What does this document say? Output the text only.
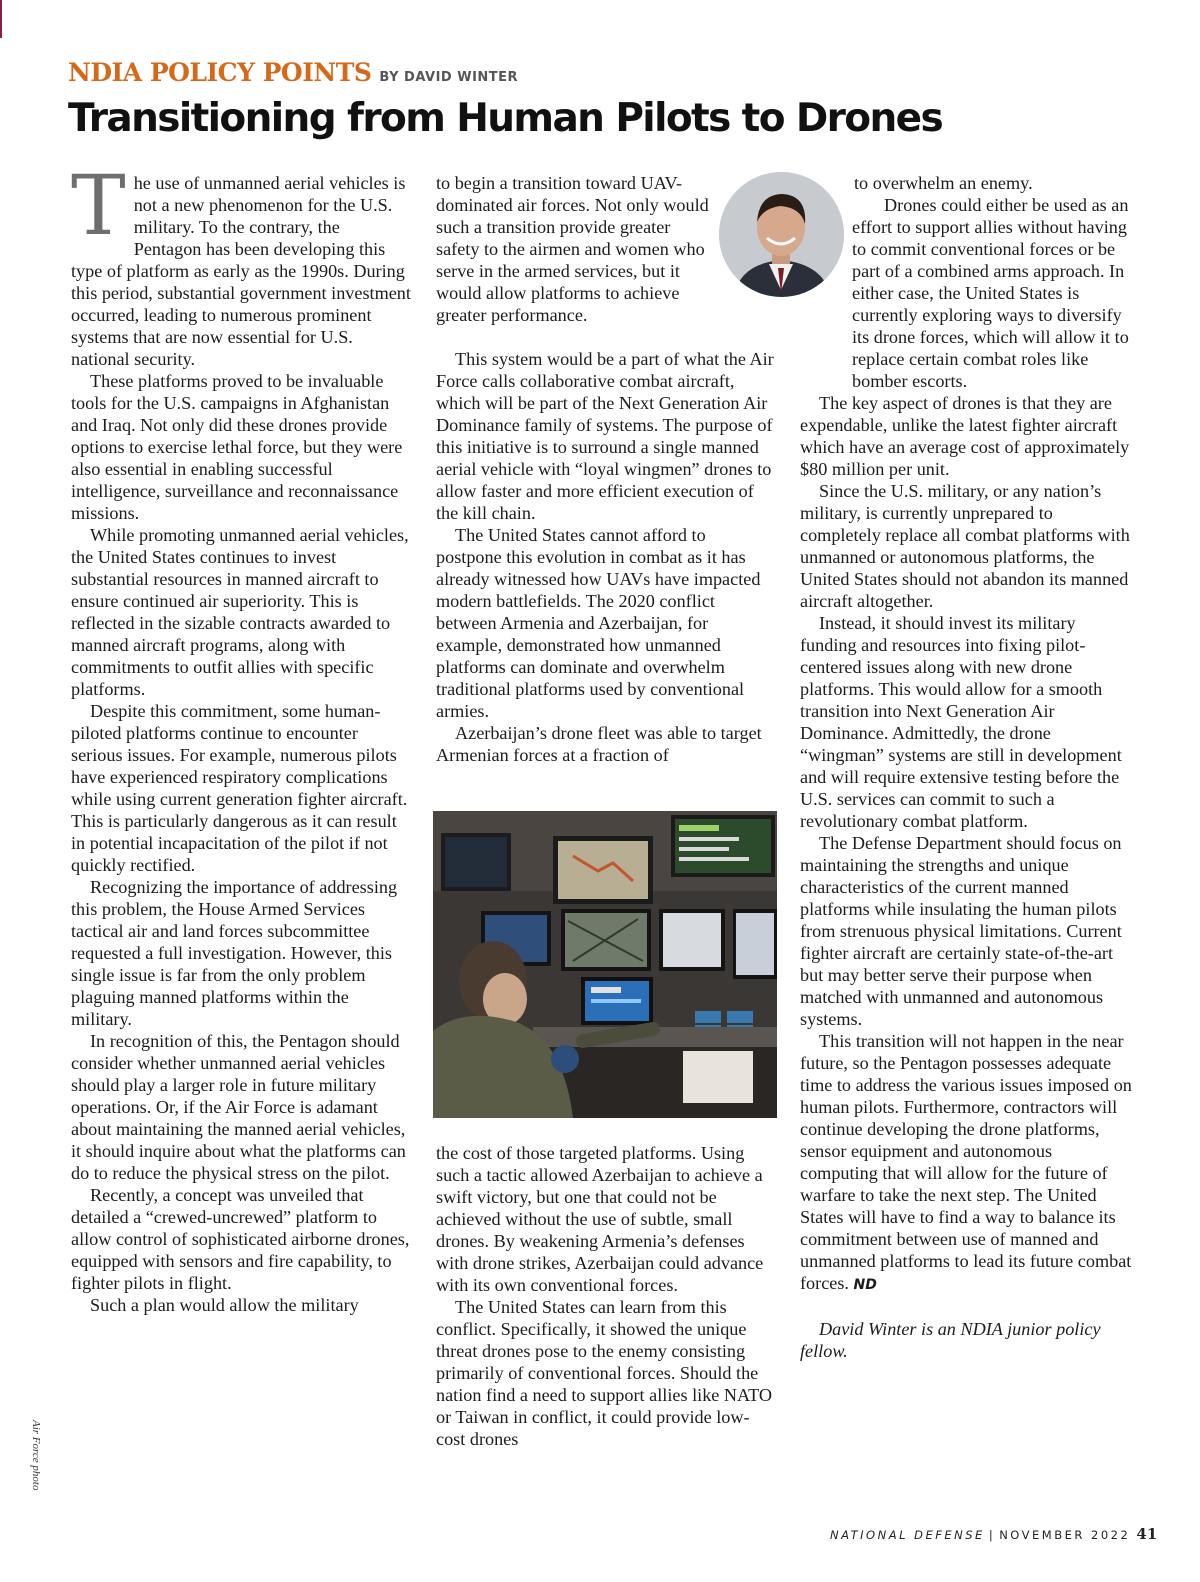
NDIA POLICY POINTS BY DAVID WINTER
Transitioning from Human Pilots to Drones
Air Force photo

The use of unmanned aerial vehicles is not a new phenomenon for the U.S. military. To the contrary, the Pentagon has been developing this type of platform as early as the 1990s. During this period, substantial government investment occurred, leading to numerous prominent systems that are now essential for U.S. national security.

These platforms proved to be invaluable tools for the U.S. campaigns in Afghanistan and Iraq. Not only did these drones provide options to exercise lethal force, but they were also essential in enabling successful intelligence, surveillance and reconnaissance missions.

While promoting unmanned aerial vehicles, the United States continues to invest substantial resources in manned aircraft to ensure continued air superiority. This is reflected in the sizable contracts awarded to manned aircraft programs, along with commitments to outfit allies with specific platforms.

Despite this commitment, some human-piloted platforms continue to encounter serious issues. For example, numerous pilots have experienced respiratory complications while using current generation fighter aircraft. This is particularly dangerous as it can result in potential incapacitation of the pilot if not quickly rectified.

Recognizing the importance of addressing this problem, the House Armed Services tactical air and land forces subcommittee requested a full investigation. However, this single issue is far from the only problem plaguing manned platforms within the military.

In recognition of this, the Pentagon should consider whether unmanned aerial vehicles should play a larger role in future military operations. Or, if the Air Force is adamant about maintaining the manned aerial vehicles, it should inquire about what the platforms can do to reduce the physical stress on the pilot.

Recently, a concept was unveiled that detailed a “crewed-uncrewed” platform to allow control of sophisticated airborne drones, equipped with sensors and fire capability, to fighter pilots in flight.

Such a plan would allow the military

to begin a transition toward UAV-dominated air forces. Not only would such a transition provide greater safety to the airmen and women who serve in the armed services, but it would allow platforms to achieve greater performance.

This system would be a part of what the Air Force calls collaborative combat aircraft, which will be part of the Next Generation Air Dominance family of systems. The purpose of this initiative is to surround a single manned aerial vehicle with “loyal wingmen” drones to allow faster and more efficient execution of the kill chain.

The United States cannot afford to postpone this evolution in combat as it has already witnessed how UAVs have impacted modern battlefields. The 2020 conflict between Armenia and Azerbaijan, for example, demonstrated how unmanned platforms can dominate and overwhelm traditional platforms used by conventional armies.

Azerbaijan’s drone fleet was able to target Armenian forces at a fraction of

the cost of those targeted platforms. Using such a tactic allowed Azerbaijan to achieve a swift victory, but one that could not be achieved without the use of subtle, small drones. By weakening Armenia’s defenses with drone strikes, Azerbaijan could advance with its own conventional forces.

The United States can learn from this conflict. Specifically, it showed the unique threat drones pose to the enemy consisting primarily of conventional forces. Should the nation find a need to support allies like NATO or Taiwan in conflict, it could provide low-cost drones

to overwhelm an enemy.

Drones could either be used as an effort to support allies without having to commit conventional forces or be part of a combined arms approach. In either case, the United States is currently exploring ways to diversify its drone forces, which will allow it to replace certain combat roles like bomber escorts.

The key aspect of drones is that they are expendable, unlike the latest fighter aircraft which have an average cost of approximately $80 million per unit.

Since the U.S. military, or any nation’s military, is currently unprepared to completely replace all combat platforms with unmanned or autonomous platforms, the United States should not abandon its manned aircraft altogether.

Instead, it should invest its military funding and resources into fixing pilot-centered issues along with new drone platforms. This would allow for a smooth transition into Next Generation Air Dominance. Admittedly, the drone “wingman” systems are still in development and will require extensive testing before the U.S. services can commit to such a revolutionary combat platform.

The Defense Department should focus on maintaining the strengths and unique characteristics of the current manned platforms while insulating the human pilots from strenuous physical limitations. Current fighter aircraft are certainly state-of-the-art but may better serve their purpose when matched with unmanned and autonomous systems.

This transition will not happen in the near future, so the Pentagon possesses adequate time to address the various issues imposed on human pilots. Furthermore, contractors will continue developing the drone platforms, sensor equipment and autonomous computing that will allow for the future of warfare to take the next step. The United States will have to find a way to balance its commitment between use of manned and unmanned platforms to lead its future combat forces. ND

David Winter is an NDIA junior policy fellow.

NATIONAL DEFENSE | NOVEMBER 2022 41
